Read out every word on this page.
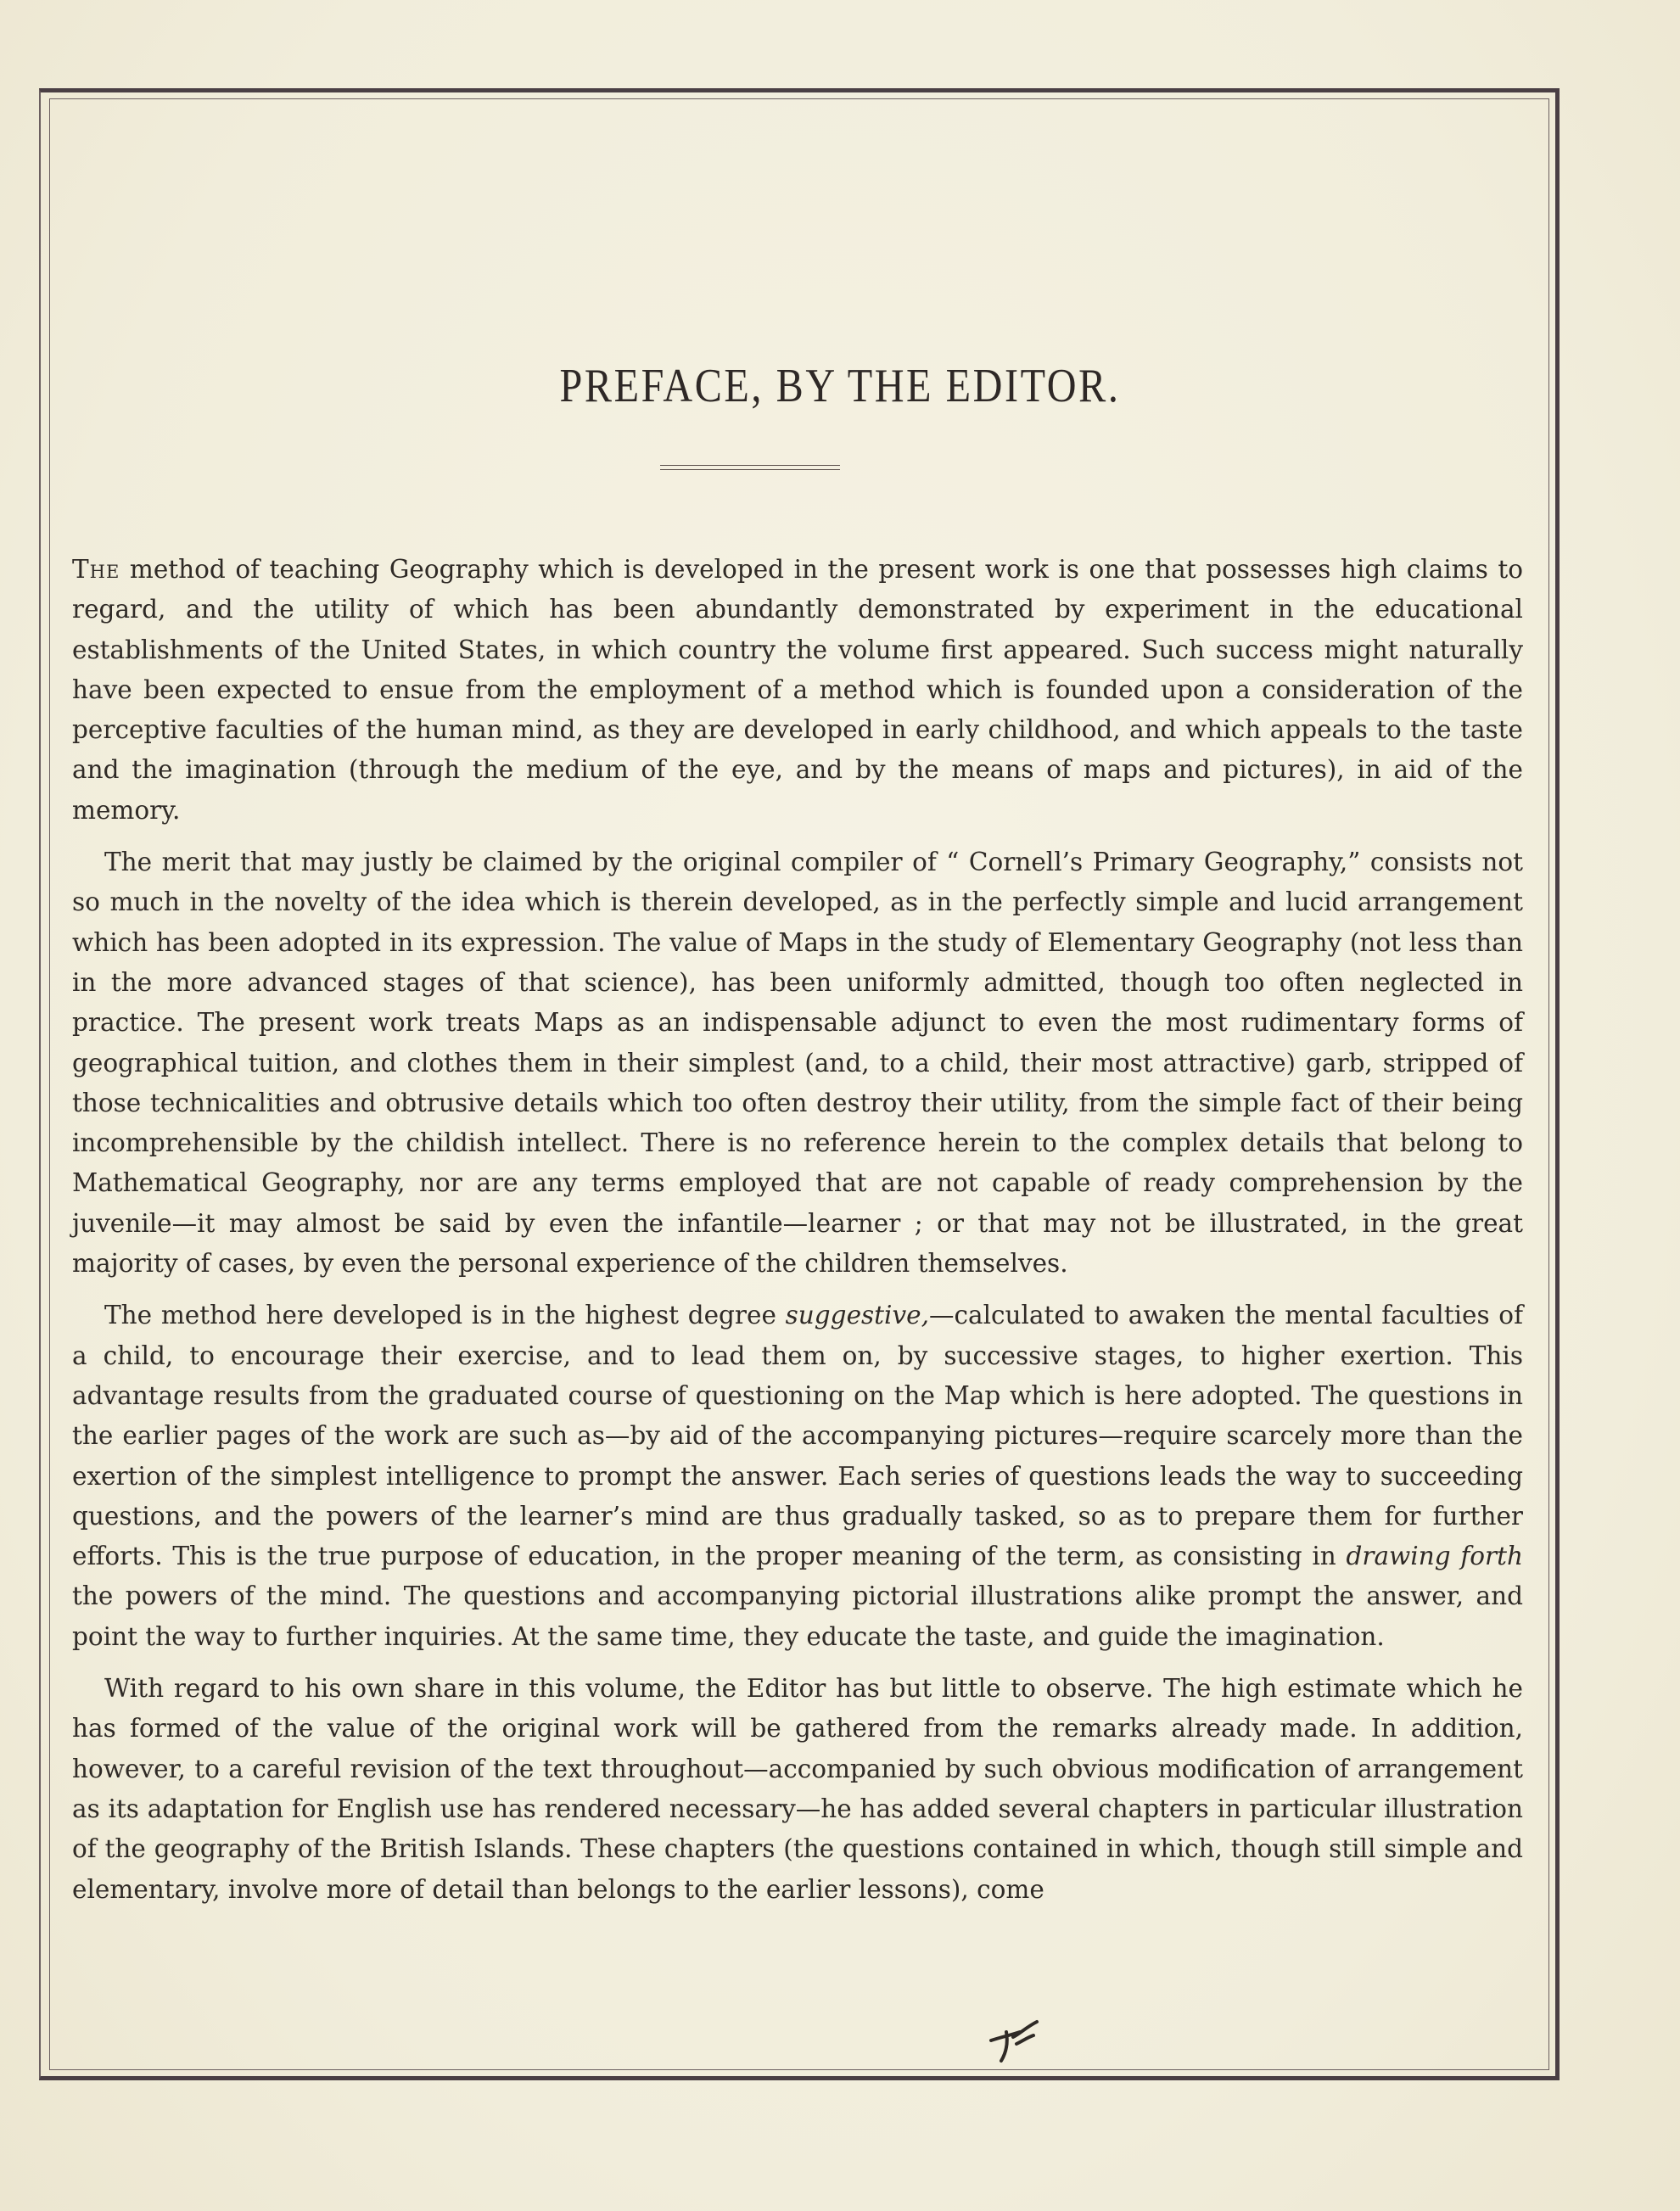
PREFACE, BY THE EDITOR.

The method of teaching Geography which is developed in the present work is one that possesses high claims to regard, and the utility of which has been abundantly demonstrated by experiment in the educational establishments of the United States, in which country the volume first appeared. Such success might naturally have been expected to ensue from the employment of a method which is founded upon a consideration of the perceptive faculties of the human mind, as they are developed in early childhood, and which appeals to the taste and the imagination (through the medium of the eye, and by the means of maps and pictures), in aid of the memory.

The merit that may justly be claimed by the original compiler of “ Cornell’s Primary Geography,” consists not so much in the novelty of the idea which is therein developed, as in the perfectly simple and lucid arrangement which has been adopted in its expression. The value of Maps in the study of Elementary Geography (not less than in the more advanced stages of that science), has been uniformly admitted, though too often neglected in practice. The present work treats Maps as an indispensable adjunct to even the most rudimentary forms of geographical tuition, and clothes them in their simplest (and, to a child, their most attractive) garb, stripped of those technicalities and obtrusive details which too often destroy their utility, from the simple fact of their being incomprehensible by the childish intellect. There is no reference herein to the complex details that belong to Mathematical Geography, nor are any terms employed that are not capable of ready comprehension by the juvenile—it may almost be said by even the infantile—learner ; or that may not be illustrated, in the great majority of cases, by even the personal experience of the children themselves.

The method here developed is in the highest degree suggestive,—calculated to awaken the mental faculties of a child, to encourage their exercise, and to lead them on, by successive stages, to higher exertion. This advantage results from the graduated course of questioning on the Map which is here adopted. The questions in the earlier pages of the work are such as—by aid of the accompanying pictures—require scarcely more than the exertion of the simplest intelligence to prompt the answer. Each series of questions leads the way to succeeding questions, and the powers of the learner’s mind are thus gradually tasked, so as to prepare them for further efforts. This is the true purpose of education, in the proper meaning of the term, as consisting in drawing forth the powers of the mind. The questions and accompanying pictorial illustrations alike prompt the answer, and point the way to further inquiries. At the same time, they educate the taste, and guide the imagination.

With regard to his own share in this volume, the Editor has but little to observe. The high estimate which he has formed of the value of the original work will be gathered from the remarks already made. In addition, however, to a careful revision of the text throughout—accompanied by such obvious modification of arrangement as its adaptation for English use has rendered necessary—he has added several chapters in particular illustration of the geography of the British Islands. These chapters (the questions contained in which, though still simple and elementary, involve more of detail than belongs to the earlier lessons), come
